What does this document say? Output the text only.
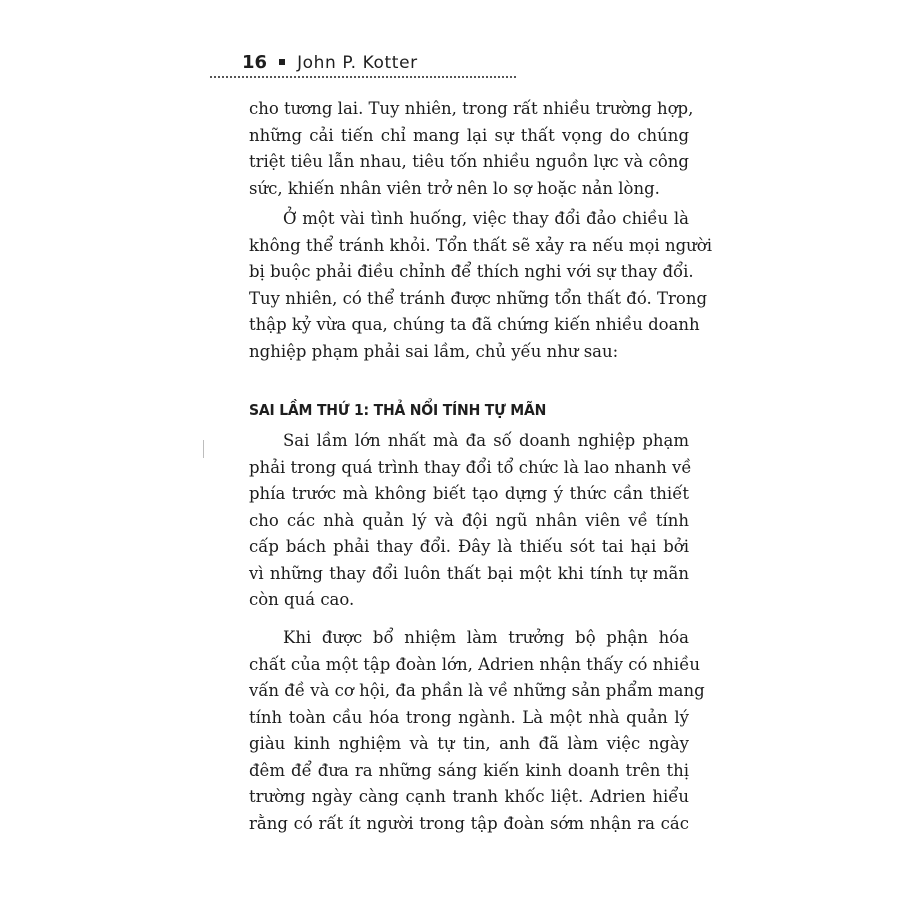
16 John P. Kotter
cho tương lai. Tuy nhiên, trong rất nhiều trường hợp,
những cải tiến chỉ mang lại sự thất vọng do chúng
triệt tiêu lẫn nhau, tiêu tốn nhiều nguồn lực và công
sức, khiến nhân viên trở nên lo sợ hoặc nản lòng.
Ở một vài tình huống, việc thay đổi đảo chiều là
không thể tránh khỏi. Tổn thất sẽ xảy ra nếu mọi người
bị buộc phải điều chỉnh để thích nghi với sự thay đổi.
Tuy nhiên, có thể tránh được những tổn thất đó. Trong
thập kỷ vừa qua, chúng ta đã chứng kiến nhiều doanh
nghiệp phạm phải sai lầm, chủ yếu như sau:
SAI LẦM THỨ 1: THẢ NỔI TÍNH TỰ MÃN
Sai lầm lớn nhất mà đa số doanh nghiệp phạm
phải trong quá trình thay đổi tổ chức là lao nhanh về
phía trước mà không biết tạo dựng ý thức cần thiết
cho các nhà quản lý và đội ngũ nhân viên về tính
cấp bách phải thay đổi. Đây là thiếu sót tai hại bởi
vì những thay đổi luôn thất bại một khi tính tự mãn
còn quá cao.
Khi được bổ nhiệm làm trưởng bộ phận hóa
chất của một tập đoàn lớn, Adrien nhận thấy có nhiều
vấn đề và cơ hội, đa phần là về những sản phẩm mang
tính toàn cầu hóa trong ngành. Là một nhà quản lý
giàu kinh nghiệm và tự tin, anh đã làm việc ngày
đêm để đưa ra những sáng kiến kinh doanh trên thị
trường ngày càng cạnh tranh khốc liệt. Adrien hiểu
rằng có rất ít người trong tập đoàn sớm nhận ra các
